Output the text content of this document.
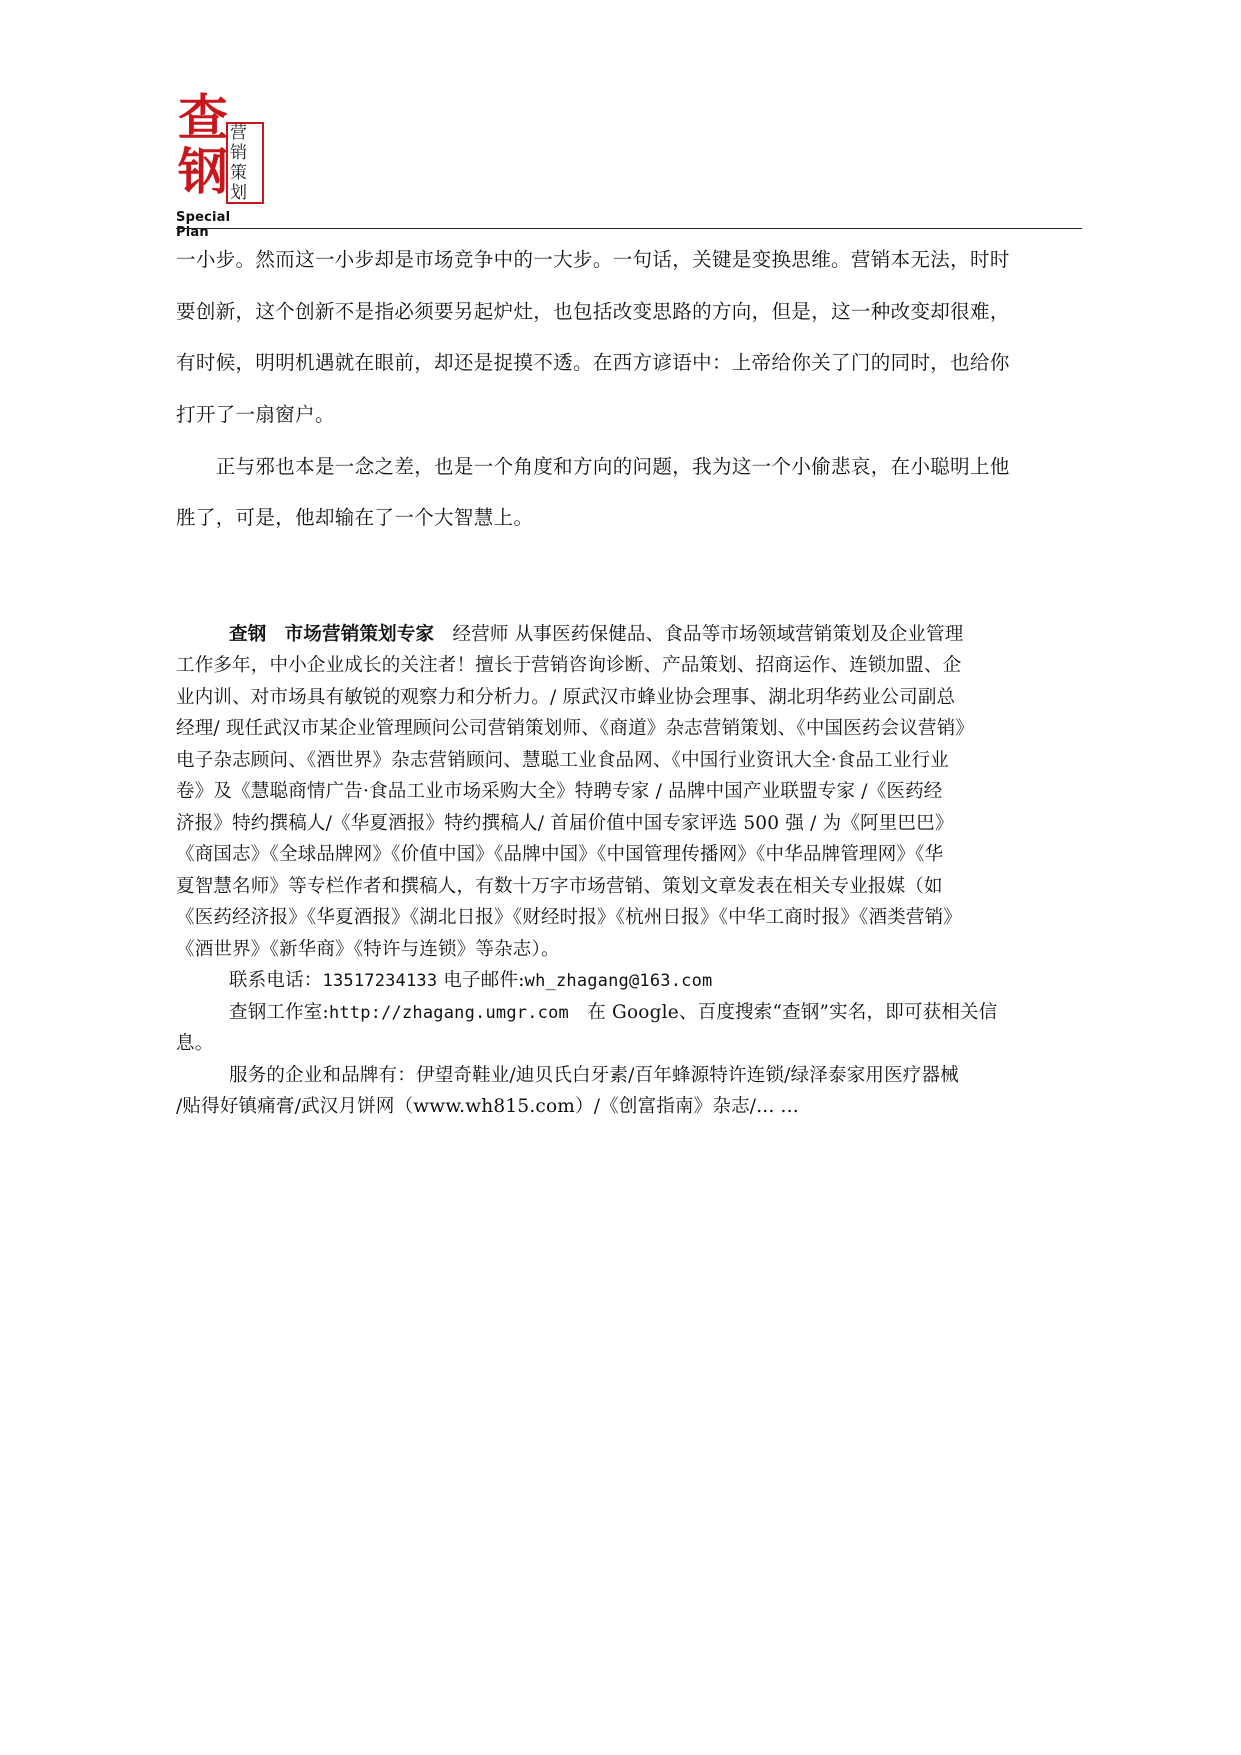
查
钢
营
销
策
划
Special Plan
一小步。然而这一小步却是市场竞争中的一大步。一句话，关键是变换思维。营销本无法，时时
要创新，这个创新不是指必须要另起炉灶，也包括改变思路的方向，但是，这一种改变却很难，
有时候，明明机遇就在眼前，却还是捉摸不透。在西方谚语中：上帝给你关了门的同时，也给你
打开了一扇窗户。
　　正与邪也本是一念之差，也是一个角度和方向的问题，我为这一个小偷悲哀，在小聪明上他
胜了，可是，他却输在了一个大智慧上。
查钢 市场营销策划专家 经营师 从事医药保健品、食品等市场领域营销策划及企业管理
工作多年，中小企业成长的关注者！擅长于营销咨询诊断、产品策划、招商运作、连锁加盟、企
业内训、对市场具有敏锐的观察力和分析力。/ 原武汉市蜂业协会理事、湖北玥华药业公司副总
经理/ 现任武汉市某企业管理顾问公司营销策划师、《商道》杂志营销策划、《中国医药会议营销》
电子杂志顾问、《酒世界》杂志营销顾问、慧聪工业食品网、《中国行业资讯大全·食品工业行业
卷》及《慧聪商情广告·食品工业市场采购大全》特聘专家 / 品牌中国产业联盟专家 /《医药经
济报》特约撰稿人/《华夏酒报》特约撰稿人/ 首届价值中国专家评选 500 强 / 为《阿里巴巴》
《商国志》《全球品牌网》《价值中国》《品牌中国》《中国管理传播网》《中华品牌管理网》《华
夏智慧名师》等专栏作者和撰稿人，有数十万字市场营销、策划文章发表在相关专业报媒（如
《医药经济报》《华夏酒报》《湖北日报》《财经时报》《杭州日报》《中华工商时报》《酒类营销》
《酒世界》《新华商》《特许与连锁》等杂志）。
联系电话：13517234133 电子邮件:wh_zhagang@163.com
查钢工作室:http://zhagang.umgr.com 在 Google、百度搜索“查钢”实名，即可获相关信
息。
服务的企业和品牌有：伊望奇鞋业/迪贝氏白牙素/百年蜂源特许连锁/绿泽泰家用医疗器械
/贴得好镇痛膏/武汉月饼网（www.wh815.com）/《创富指南》杂志/... ...
